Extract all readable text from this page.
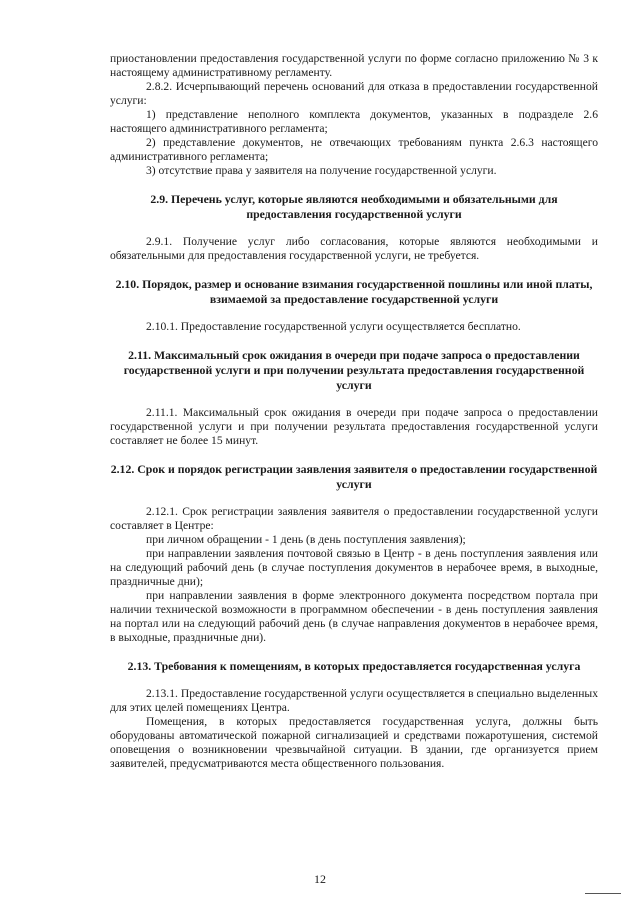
приостановлении предоставления государственной услуги по форме согласно приложению № 3 к настоящему административному регламенту.

2.8.2. Исчерпывающий перечень оснований для отказа в предоставлении государственной услуги:

1) представление неполного комплекта документов, указанных в подразделе 2.6 настоящего административного регламента;

2) представление документов, не отвечающих требованиям пункта 2.6.3 настоящего административного регламента;

3) отсутствие права у заявителя на получение государственной услуги.

2.9. Перечень услуг, которые являются необходимыми и обязательными для предоставления государственной услуги

2.9.1. Получение услуг либо согласования, которые являются необходимыми и обязательными для предоставления государственной услуги, не требуется.

2.10. Порядок, размер и основание взимания государственной пошлины или иной платы, взимаемой за предоставление государственной услуги

2.10.1. Предоставление государственной услуги осуществляется бесплатно.

2.11. Максимальный срок ожидания в очереди при подаче запроса о предоставлении государственной услуги и при получении результата предоставления государственной услуги

2.11.1. Максимальный срок ожидания в очереди при подаче запроса о предоставлении государственной услуги и при получении результата предоставления государственной услуги составляет не более 15 минут.

2.12. Срок и порядок регистрации заявления заявителя о предоставлении государственной услуги

2.12.1. Срок регистрации заявления заявителя о предоставлении государственной услуги составляет в Центре:

при личном обращении - 1 день (в день поступления заявления);

при направлении заявления почтовой связью в Центр - в день поступления заявления или на следующий рабочий день (в случае поступления документов в нерабочее время, в выходные, праздничные дни);

при направлении заявления в форме электронного документа посредством портала при наличии технической возможности в программном обеспечении - в день поступления заявления на портал или на следующий рабочий день (в случае направления документов в нерабочее время, в выходные, праздничные дни).

2.13. Требования к помещениям, в которых предоставляется государственная услуга

2.13.1. Предоставление государственной услуги осуществляется в специально выделенных для этих целей помещениях Центра.

Помещения, в которых предоставляется государственная услуга, должны быть оборудованы автоматической пожарной сигнализацией и средствами пожаротушения, системой оповещения о возникновении чрезвычайной ситуации. В здании, где организуется прием заявителей, предусматриваются места общественного пользования.

12
